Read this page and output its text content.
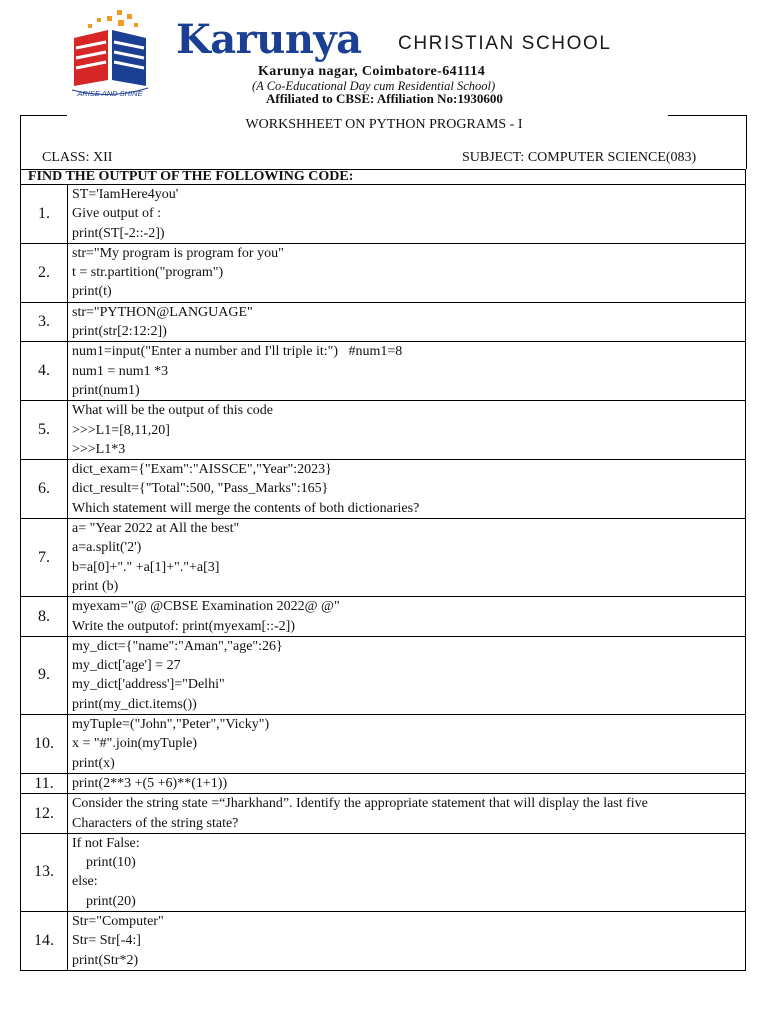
ARISE AND SHINE
Karunya CHRISTIAN SCHOOL
Karunya nagar, Coimbatore-641114
(A Co-Educational Day cum Residential School)
Affiliated to CBSE: Affiliation No:1930600
WORKSHHEET ON PYTHON PROGRAMS - I
CLASS: XII	SUBJECT: COMPUTER SCIENCE(083)
FIND THE OUTPUT OF THE FOLLOWING CODE:	
1.	ST='IamHere4you'
Give output of :
print(ST[-2::-2])

2.	str="My program is program for you"
t = str.partition("program")
print(t)

3.	str="PYTHON@LANGUAGE"
print(str[2:12:2])

4.	num1=input("Enter a number and I'll triple it:")   #num1=8
num1 = num1 *3
print(num1)

5.	What will be the output of this code
>>>L1=[8,11,20]
>>>L1*3

6.	dict_exam={"Exam":"AISSCE","Year":2023}
dict_result={"Total":500, "Pass_Marks":165}
Which statement will merge the contents of both dictionaries?

7.	a= "Year 2022 at All the best"
a=a.split('2')
b=a[0]+"." +a[1]+"."+a[3]
print (b)

8.	myexam="@ @CBSE Examination 2022@ @"
Write the outputof: print(myexam[::-2])

9.	my_dict={"name":"Aman","age":26}
my_dict['age'] = 27
my_dict['address']="Delhi"
print(my_dict.items())

10.	myTuple=("John","Peter","Vicky")
x = "#".join(myTuple)
print(x)

11.	print(2**3 +(5 +6)**(1+1))

12.	Consider the string state =“Jharkhand”. Identify the appropriate statement that will display the last five
Characters of the string state?

13.	If not False:
print(10)
else:
print(20)

14.	Str="Computer"
Str= Str[-4:]
print(Str*2)
